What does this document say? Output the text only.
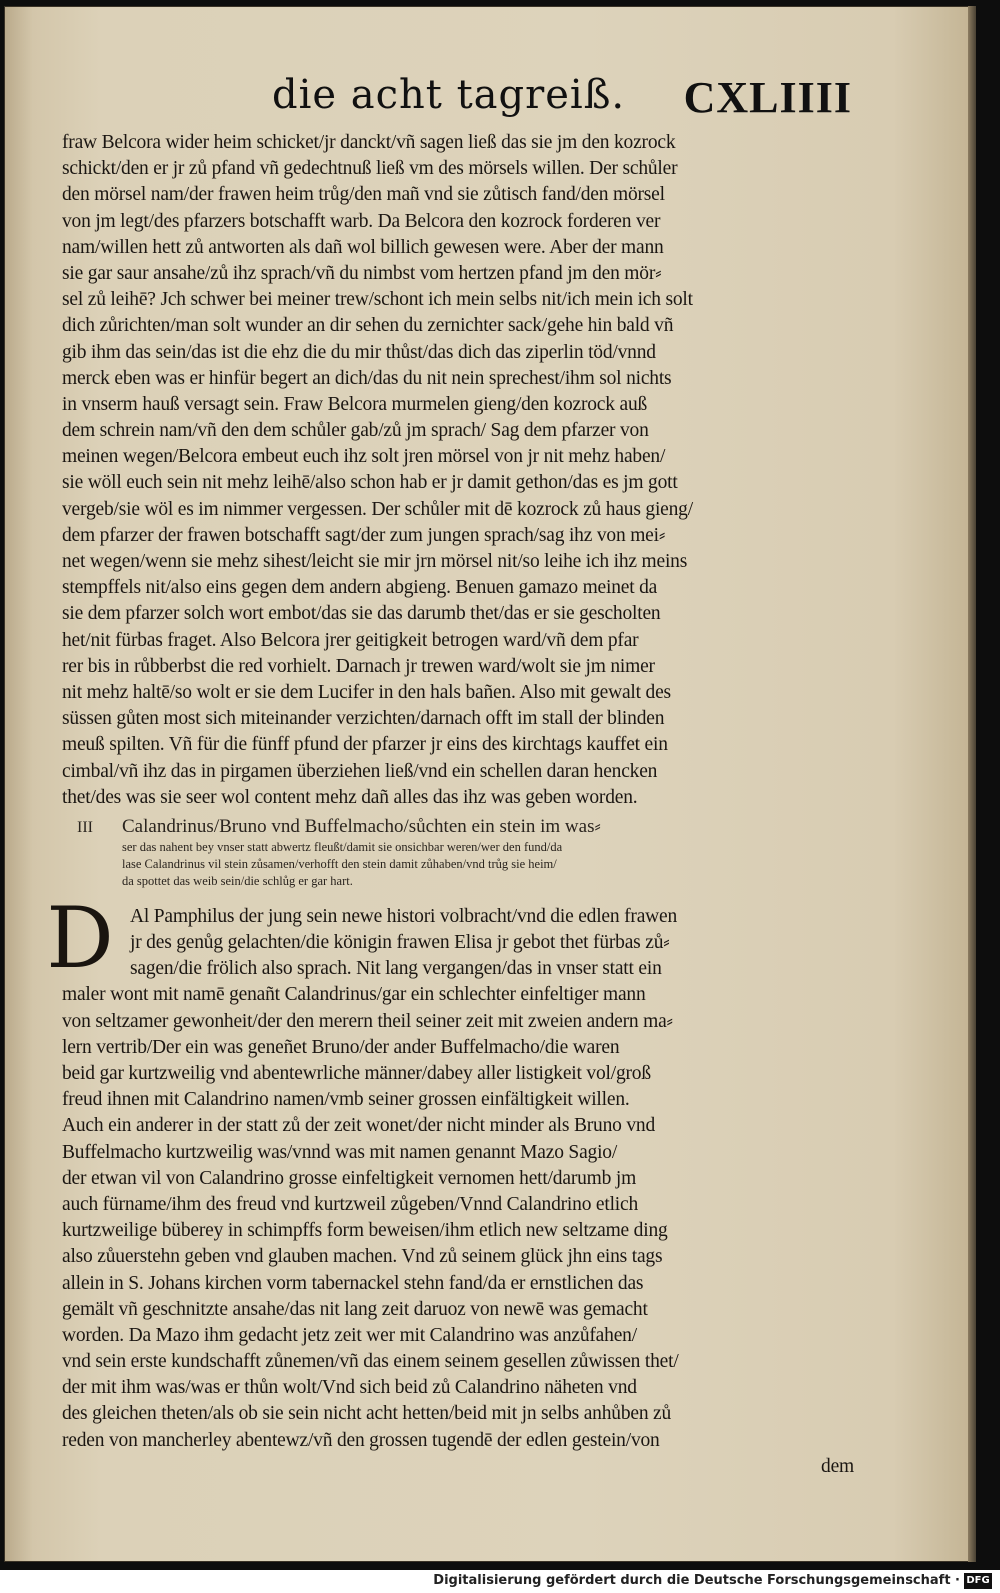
die acht tagreiß. CXLIIII
fraw Belcora wider heim schicket/jr danckt/vñ sagen ließ das sie jm den kozrock
schickt/den er jr zů pfand vñ gedechtnuß ließ vm des mörsels willen. Der schůler
den mörsel nam/der frawen heim trůg/den mañ vnd sie zůtisch fand/den mörsel
von jm legt/des pfarzers botschafft warb. Da Belcora den kozrock forderen ver
nam/willen hett zů antworten als dañ wol billich gewesen were. Aber der mann
sie gar saur ansahe/zů ihz sprach/vñ du nimbst vom hertzen pfand jm den mör⸗
sel zů leihē? Jch schwer bei meiner trew/schont ich mein selbs nit/ich mein ich solt
dich zůrichten/man solt wunder an dir sehen du zernichter sack/gehe hin bald vñ
gib ihm das sein/das ist die ehz die du mir thůst/das dich das ziperlin töd/vnnd
merck eben was er hinfür begert an dich/das du nit nein sprechest/ihm sol nichts
in vnserm hauß versagt sein. Fraw Belcora murmelen gieng/den kozrock auß
dem schrein nam/vñ den dem schůler gab/zů jm sprach/ Sag dem pfarzer von
meinen wegen/Belcora embeut euch ihz solt jren mörsel von jr nit mehz haben/
sie wöll euch sein nit mehz leihē/also schon hab er jr damit gethon/das es jm gott
vergeb/sie wöl es im nimmer vergessen. Der schůler mit dē kozrock zů haus gieng/
dem pfarzer der frawen botschafft sagt/der zum jungen sprach/sag ihz von mei⸗
net wegen/wenn sie mehz sihest/leicht sie mir jrn mörsel nit/so leihe ich ihz meins
stempffels nit/also eins gegen dem andern abgieng. Benuen gamazo meinet da
sie dem pfarzer solch wort embot/das sie das darumb thet/das er sie gescholten
het/nit fürbas fraget. Also Belcora jrer geitigkeit betrogen ward/vñ dem pfar
rer bis in růbberbst die red vorhielt. Darnach jr trewen ward/wolt sie jm nimer
nit mehz haltē/so wolt er sie dem Lucifer in den hals bañen. Also mit gewalt des
süssen gůten most sich miteinander verzichten/darnach offt im stall der blinden
meuß spilten. Vñ für die fünff pfund der pfarzer jr eins des kirchtags kauffet ein
cimbal/vñ ihz das in pirgamen überziehen ließ/vnd ein schellen daran hencken
thet/des was sie seer wol content mehz dañ alles das ihz was geben worden.
III Calandrinus/Bruno vnd Buffelmacho/sůchten ein stein im was⸗
ser das nahent bey vnser statt abwertz fleußt/damit sie onsichbar weren/wer den fund/da
lase Calandrinus vil stein zůsamen/verhofft den stein damit zůhaben/vnd trůg sie heim/
da spottet das weib sein/die schlůg er gar hart.
D Al Pamphilus der jung sein newe histori volbracht/vnd die edlen frawen
jr des genůg gelachten/die königin frawen Elisa jr gebot thet fürbas zů⸗
sagen/die frölich also sprach. Nit lang vergangen/das in vnser statt ein
maler wont mit namē genañt Calandrinus/gar ein schlechter einfeltiger mann
von seltzamer gewonheit/der den merern theil seiner zeit mit zweien andern ma⸗
lern vertrib/Der ein was geneñet Bruno/der ander Buffelmacho/die waren
beid gar kurtzweilig vnd abentewrliche männer/dabey aller listigkeit vol/groß
freud ihnen mit Calandrino namen/vmb seiner grossen einfältigkeit willen.
Auch ein anderer in der statt zů der zeit wonet/der nicht minder als Bruno vnd
Buffelmacho kurtzweilig was/vnnd was mit namen genannt Mazo Sagio/
der etwan vil von Calandrino grosse einfeltigkeit vernomen hett/darumb jm
auch fürname/ihm des freud vnd kurtzweil zůgeben/Vnnd Calandrino etlich
kurtzweilige büberey in schimpffs form beweisen/ihm etlich new seltzame ding
also zůuerstehn geben vnd glauben machen. Vnd zů seinem glück jhn eins tags
allein in S. Johans kirchen vorm tabernackel stehn fand/da er ernstlichen das
gemält vñ geschnitzte ansahe/das nit lang zeit daruoz von newē was gemacht
worden. Da Mazo ihm gedacht jetz zeit wer mit Calandrino was anzůfahen/
vnd sein erste kundschafft zůnemen/vñ das einem seinem gesellen zůwissen thet/
der mit ihm was/was er thůn wolt/Vnd sich beid zů Calandrino näheten vnd
des gleichen theten/als ob sie sein nicht acht hetten/beid mit jn selbs anhůben zů
reden von mancherley abentewz/vñ den grossen tugendē der edlen gestein/von
dem
Digitalisierung gefördert durch die Deutsche Forschungsgemeinschaft · DFG
